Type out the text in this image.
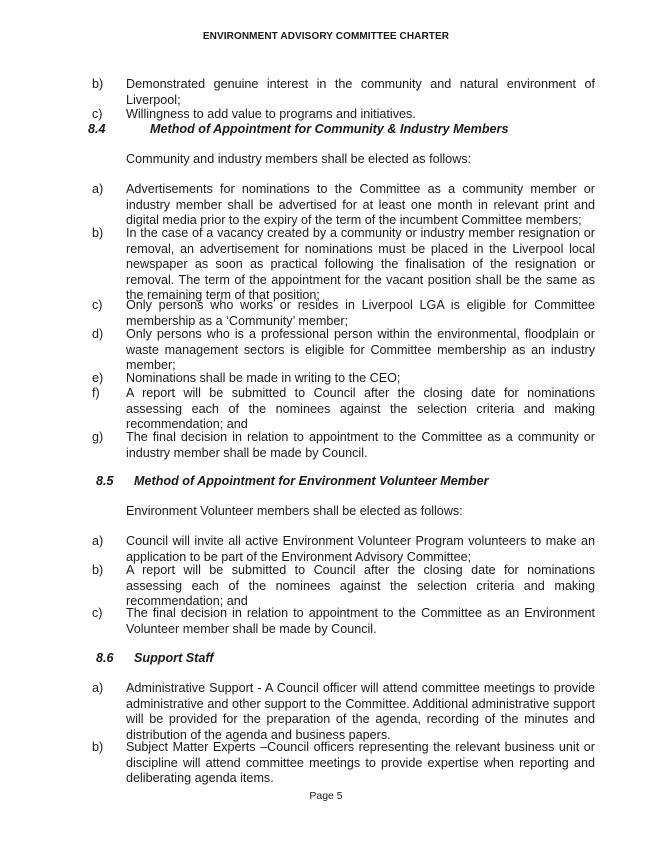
ENVIRONMENT ADVISORY COMMITTEE CHARTER
b) Demonstrated genuine interest in the community and natural environment of Liverpool;
c) Willingness to add value to programs and initiatives.
8.4	Method of Appointment for Community & Industry Members
Community and industry members shall be elected as follows:
a) Advertisements for nominations to the Committee as a community member or industry member shall be advertised for at least one month in relevant print and digital media prior to the expiry of the term of the incumbent Committee members;
b) In the case of a vacancy created by a community or industry member resignation or removal, an advertisement for nominations must be placed in the Liverpool local newspaper as soon as practical following the finalisation of the resignation or removal. The term of the appointment for the vacant position shall be the same as the remaining term of that position;
c) Only persons who works or resides in Liverpool LGA is eligible for Committee membership as a ‘Community’ member;
d) Only persons who is a professional person within the environmental, floodplain or waste management sectors is eligible for Committee membership as an industry member;
e) Nominations shall be made in writing to the CEO;
f) A report will be submitted to Council after the closing date for nominations assessing each of the nominees against the selection criteria and making recommendation; and
g) The final decision in relation to appointment to the Committee as a community or industry member shall be made by Council.
8.5 Method of Appointment for Environment Volunteer Member
Environment Volunteer members shall be elected as follows:
a) Council will invite all active Environment Volunteer Program volunteers to make an application to be part of the Environment Advisory Committee;
b) A report will be submitted to Council after the closing date for nominations assessing each of the nominees against the selection criteria and making recommendation; and
c) The final decision in relation to appointment to the Committee as an Environment Volunteer member shall be made by Council.
8.6 Support Staff
a) Administrative Support - A Council officer will attend committee meetings to provide administrative and other support to the Committee. Additional administrative support will be provided for the preparation of the agenda, recording of the minutes and distribution of the agenda and business papers.
b) Subject Matter Experts –Council officers representing the relevant business unit or discipline will attend committee meetings to provide expertise when reporting and deliberating agenda items.
Page 5
